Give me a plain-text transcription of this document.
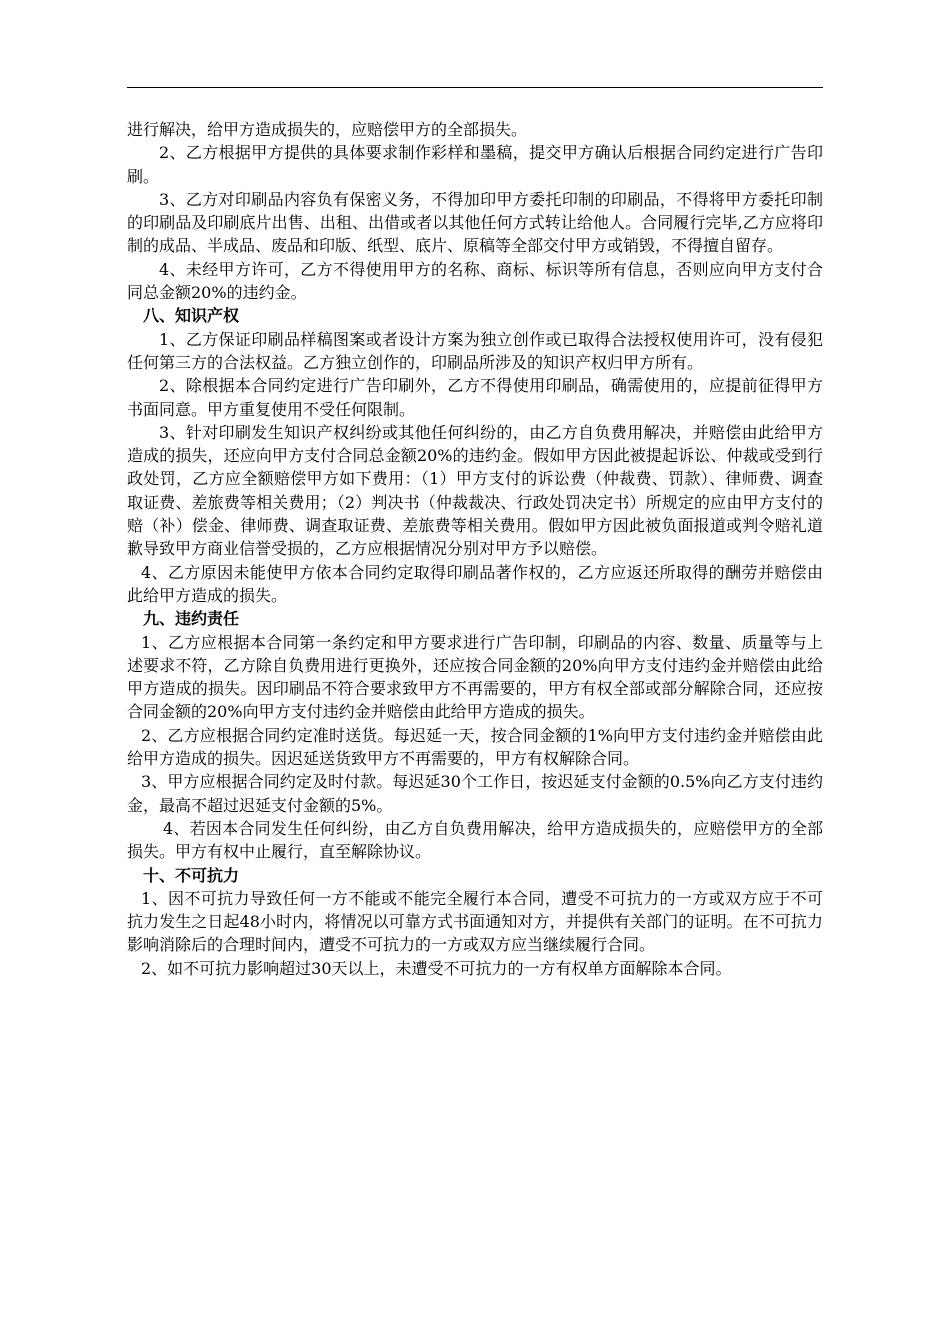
进行解决，给甲方造成损失的，应赔偿甲方的全部损失。

2、乙方根据甲方提供的具体要求制作彩样和墨稿，提交甲方确认后根据合同约定进行广告印刷。

3、乙方对印刷品内容负有保密义务，不得加印甲方委托印制的印刷品，不得将甲方委托印制的印刷品及印刷底片出售、出租、出借或者以其他任何方式转让给他人。合同履行完毕,乙方应将印制的成品、半成品、废品和印版、纸型、底片、原稿等全部交付甲方或销毁，不得擅自留存。

4、未经甲方许可，乙方不得使用甲方的名称、商标、标识等所有信息，否则应向甲方支付合同总金额20%的违约金。

八、知识产权

1、乙方保证印刷品样稿图案或者设计方案为独立创作或已取得合法授权使用许可，没有侵犯任何第三方的合法权益。乙方独立创作的，印刷品所涉及的知识产权归甲方所有。

2、除根据本合同约定进行广告印刷外，乙方不得使用印刷品，确需使用的，应提前征得甲方书面同意。甲方重复使用不受任何限制。

3、针对印刷发生知识产权纠纷或其他任何纠纷的，由乙方自负费用解决，并赔偿由此给甲方造成的损失，还应向甲方支付合同总金额20%的违约金。假如甲方因此被提起诉讼、仲裁或受到行政处罚，乙方应全额赔偿甲方如下费用：（1）甲方支付的诉讼费（仲裁费、罚款）、律师费、调查取证费、差旅费等相关费用；（2）判决书（仲裁裁决、行政处罚决定书）所规定的应由甲方支付的赔（补）偿金、律师费、调查取证费、差旅费等相关费用。假如甲方因此被负面报道或判令赔礼道歉导致甲方商业信誉受损的，乙方应根据情况分别对甲方予以赔偿。

4、乙方原因未能使甲方依本合同约定取得印刷品著作权的，乙方应返还所取得的酬劳并赔偿由此给甲方造成的损失。

九、违约责任

1、乙方应根据本合同第一条约定和甲方要求进行广告印制，印刷品的内容、数量、质量等与上述要求不符，乙方除自负费用进行更换外，还应按合同金额的20%向甲方支付违约金并赔偿由此给甲方造成的损失。因印刷品不符合要求致甲方不再需要的，甲方有权全部或部分解除合同，还应按合同金额的20%向甲方支付违约金并赔偿由此给甲方造成的损失。

2、乙方应根据合同约定准时送货。每迟延一天，按合同金额的1%向甲方支付违约金并赔偿由此给甲方造成的损失。因迟延送货致甲方不再需要的，甲方有权解除合同。

3、甲方应根据合同约定及时付款。每迟延30个工作日，按迟延支付金额的0.5%向乙方支付违约金，最高不超过迟延支付金额的5%。

4、若因本合同发生任何纠纷，由乙方自负费用解决，给甲方造成损失的，应赔偿甲方的全部损失。甲方有权中止履行，直至解除协议。

十、不可抗力

1、因不可抗力导致任何一方不能或不能完全履行本合同，遭受不可抗力的一方或双方应于不可抗力发生之日起48小时内，将情况以可靠方式书面通知对方，并提供有关部门的证明。在不可抗力影响消除后的合理时间内，遭受不可抗力的一方或双方应当继续履行合同。

2、如不可抗力影响超过30天以上，未遭受不可抗力的一方有权单方面解除本合同。
